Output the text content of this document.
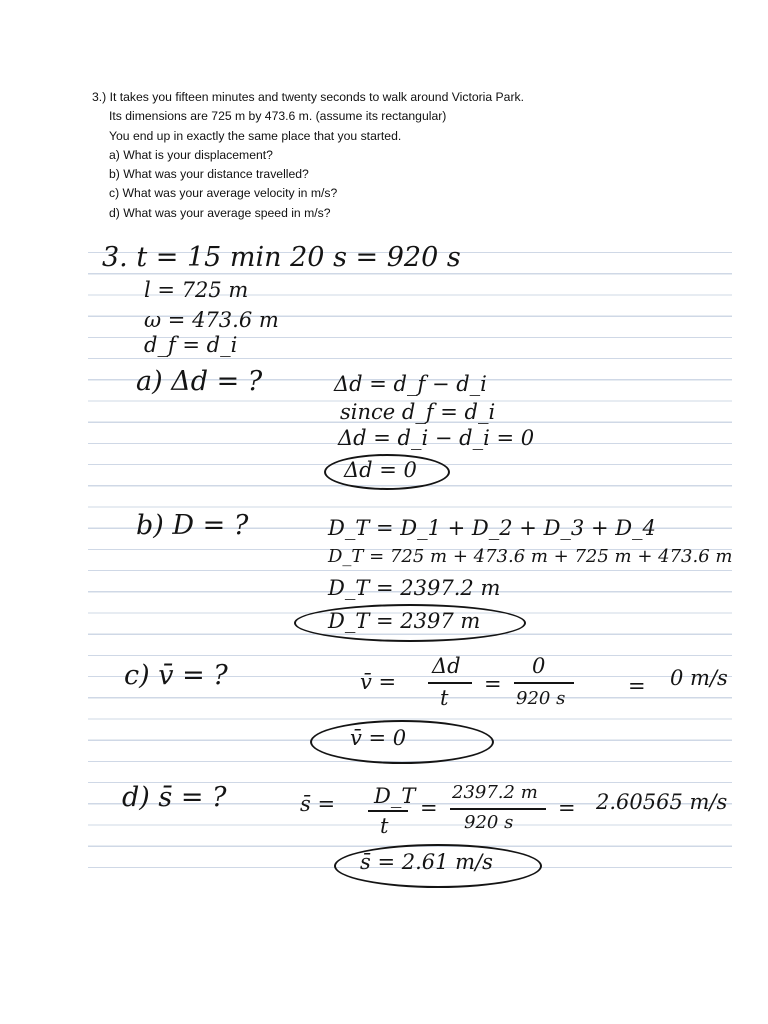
3.) It takes you fifteen minutes and twenty seconds to walk around Victoria Park.
Its dimensions are 725 m by 473.6 m. (assume its rectangular)
You end up in exactly the same place that you started.
a) What is your displacement?
b) What was your distance travelled?
c) What was your average velocity in m/s?
d) What was your average speed in m/s?
3. t = 15 min 20 s = 920 s
l = 725 m
ω = 473.6 m
d_f = d_i
a) Δd = ?	Δd = d_f − d_i
since d_f = d_i
Δd = d_i − d_i = 0
Δd = 0
b) D = ?	D_T = D_1 + D_2 + D_3 + D_4
D_T = 725 m + 473.6 m + 725 m + 473.6 m
D_T = 2397.2 m
D_T = 2397 m
c) v̄ = ?	v̄ =
Δd
t
=
0
920 s
= 0 m/s
v̄ = 0
d) s̄ = ?	s̄ = D_T
t
=
2397.2 m
920 s
= 2.60565 m/s
s̄ = 2.61 m/s
